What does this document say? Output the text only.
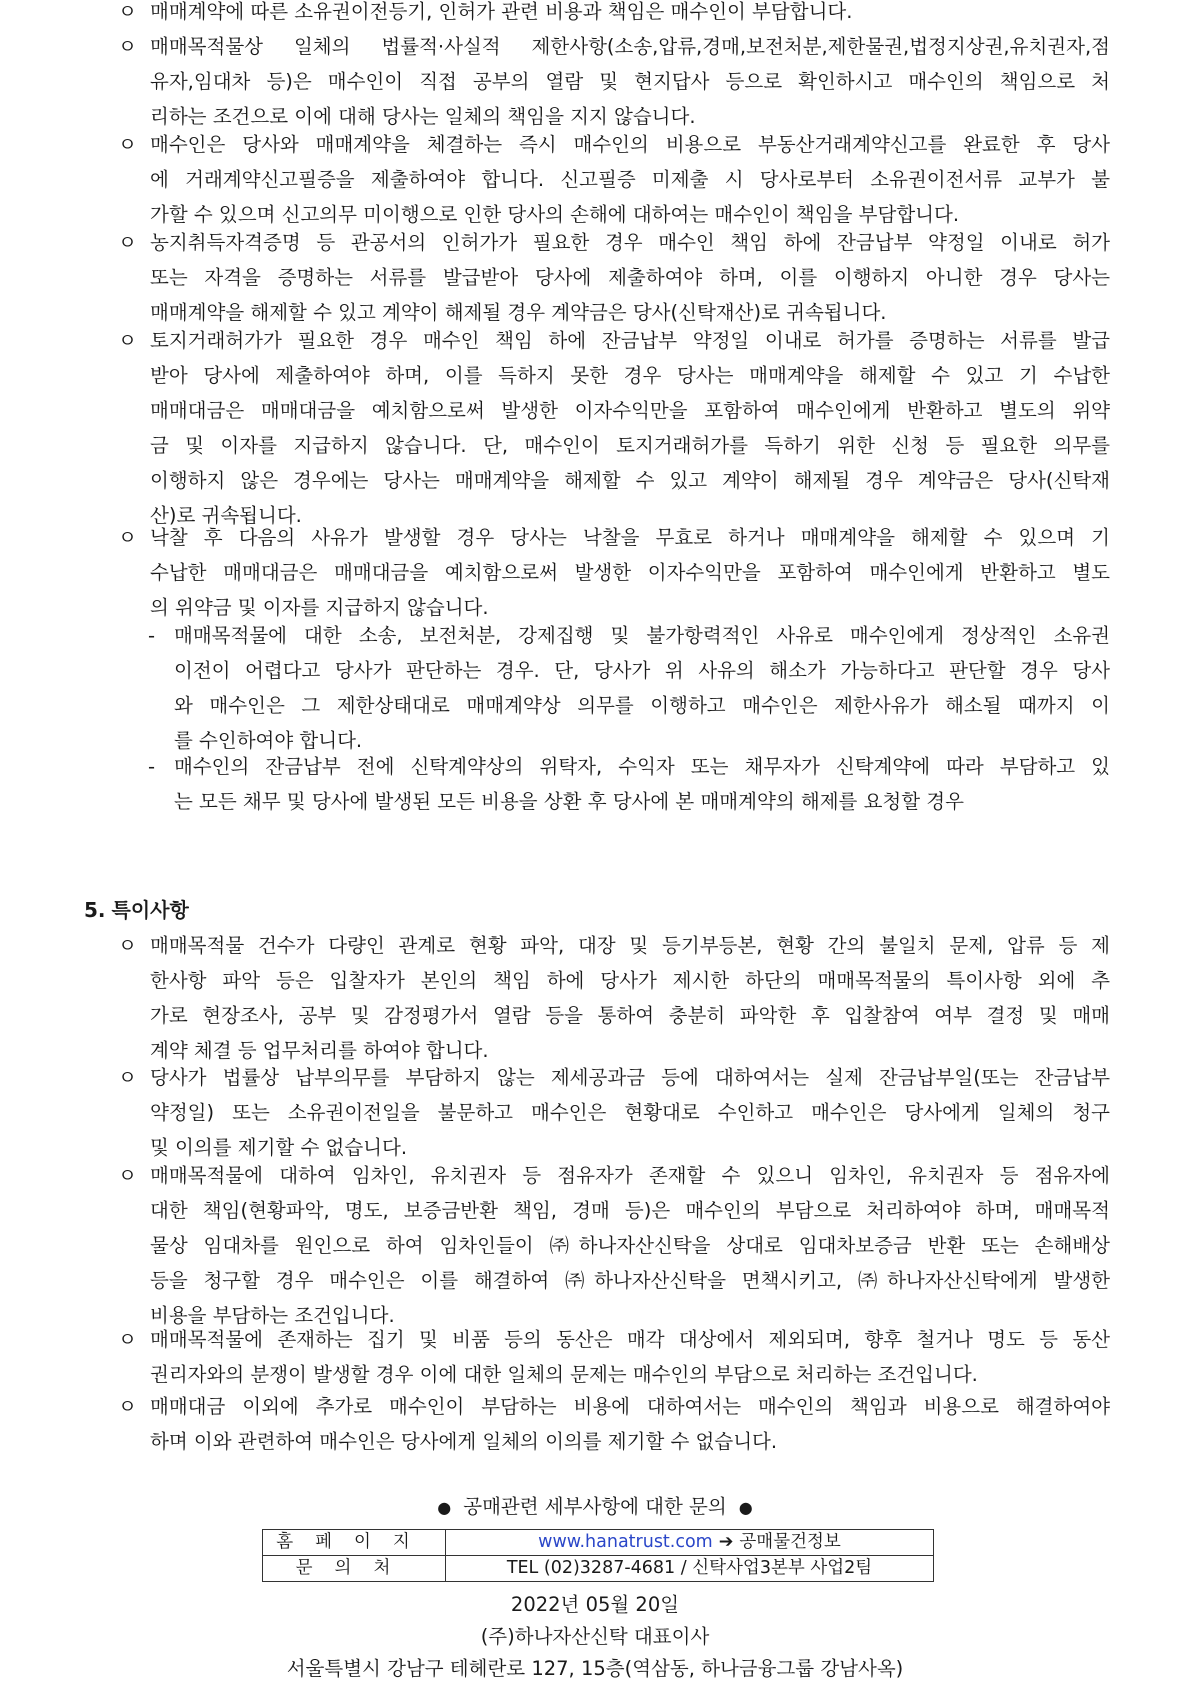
ㅇ 매매계약에 따른 소유권이전등기, 인허가 관련 비용과 책임은 매수인이 부담합니다.
ㅇ 매매목적물상 일체의 법률적·사실적 제한사항(소송,압류,경매,보전처분,제한물권,법정지상권,유치권자,점
유자,임대차 등)은 매수인이 직접 공부의 열람 및 현지답사 등으로 확인하시고 매수인의 책임으로 처
리하는 조건으로 이에 대해 당사는 일체의 책임을 지지 않습니다.
ㅇ 매수인은 당사와 매매계약을 체결하는 즉시 매수인의 비용으로 부동산거래계약신고를 완료한 후 당사
에 거래계약신고필증을 제출하여야 합니다. 신고필증 미제출 시 당사로부터 소유권이전서류 교부가 불
가할 수 있으며 신고의무 미이행으로 인한 당사의 손해에 대하여는 매수인이 책임을 부담합니다.
ㅇ 농지취득자격증명 등 관공서의 인허가가 필요한 경우 매수인 책임 하에 잔금납부 약정일 이내로 허가
또는 자격을 증명하는 서류를 발급받아 당사에 제출하여야 하며, 이를 이행하지 아니한 경우 당사는
매매계약을 해제할 수 있고 계약이 해제될 경우 계약금은 당사(신탁재산)로 귀속됩니다.
ㅇ 토지거래허가가 필요한 경우 매수인 책임 하에 잔금납부 약정일 이내로 허가를 증명하는 서류를 발급
받아 당사에 제출하여야 하며, 이를 득하지 못한 경우 당사는 매매계약을 해제할 수 있고 기 수납한
매매대금은 매매대금을 예치함으로써 발생한 이자수익만을 포함하여 매수인에게 반환하고 별도의 위약
금 및 이자를 지급하지 않습니다. 단, 매수인이 토지거래허가를 득하기 위한 신청 등 필요한 의무를
이행하지 않은 경우에는 당사는 매매계약을 해제할 수 있고 계약이 해제될 경우 계약금은 당사(신탁재
산)로 귀속됩니다.
ㅇ 낙찰 후 다음의 사유가 발생할 경우 당사는 낙찰을 무효로 하거나 매매계약을 해제할 수 있으며 기
수납한 매매대금은 매매대금을 예치함으로써 발생한 이자수익만을 포함하여 매수인에게 반환하고 별도
의 위약금 및 이자를 지급하지 않습니다.
- 매매목적물에 대한 소송, 보전처분, 강제집행 및 불가항력적인 사유로 매수인에게 정상적인 소유권
이전이 어렵다고 당사가 판단하는 경우. 단, 당사가 위 사유의 해소가 가능하다고 판단할 경우 당사
와 매수인은 그 제한상태대로 매매계약상 의무를 이행하고 매수인은 제한사유가 해소될 때까지 이
를 수인하여야 합니다.
- 매수인의 잔금납부 전에 신탁계약상의 위탁자, 수익자 또는 채무자가 신탁계약에 따라 부담하고 있
는 모든 채무 및 당사에 발생된 모든 비용을 상환 후 당사에 본 매매계약의 해제를 요청할 경우
5. 특이사항
ㅇ 매매목적물 건수가 다량인 관계로 현황 파악, 대장 및 등기부등본, 현황 간의 불일치 문제, 압류 등 제
한사항 파악 등은 입찰자가 본인의 책임 하에 당사가 제시한 하단의 매매목적물의 특이사항 외에 추
가로 현장조사, 공부 및 감정평가서 열람 등을 통하여 충분히 파악한 후 입찰참여 여부 결정 및 매매
계약 체결 등 업무처리를 하여야 합니다.
ㅇ 당사가 법률상 납부의무를 부담하지 않는 제세공과금 등에 대하여서는 실제 잔금납부일(또는 잔금납부
약정일) 또는 소유권이전일을 불문하고 매수인은 현황대로 수인하고 매수인은 당사에게 일체의 청구
및 이의를 제기할 수 없습니다.
ㅇ 매매목적물에 대하여 임차인, 유치권자 등 점유자가 존재할 수 있으니 임차인, 유치권자 등 점유자에
대한 책임(현황파악, 명도, 보증금반환 책임, 경매 등)은 매수인의 부담으로 처리하여야 하며, 매매목적
물상 임대차를 원인으로 하여 임차인들이 ㈜하나자산신탁을 상대로 임대차보증금 반환 또는 손해배상
등을 청구할 경우 매수인은 이를 해결하여 ㈜하나자산신탁을 면책시키고, ㈜하나자산신탁에게 발생한
비용을 부담하는 조건입니다.
ㅇ 매매목적물에 존재하는 집기 및 비품 등의 동산은 매각 대상에서 제외되며, 향후 철거나 명도 등 동산
권리자와의 분쟁이 발생할 경우 이에 대한 일체의 문제는 매수인의 부담으로 처리하는 조건입니다.
ㅇ 매매대금 이외에 추가로 매수인이 부담하는 비용에 대하여서는 매수인의 책임과 비용으로 해결하여야
하며 이와 관련하여 매수인은 당사에게 일체의 이의를 제기할 수 없습니다.
● 공매관련 세부사항에 대한 문의 ●
홈페이지	www.hanatrust.com ➔ 공매물건정보
문의처	TEL (02)3287-4681 / 신탁사업3본부 사업2팀
2022년 05월 20일
(주)하나자산신탁 대표이사
서울특별시 강남구 테헤란로 127, 15층(역삼동, 하나금융그룹 강남사옥)
